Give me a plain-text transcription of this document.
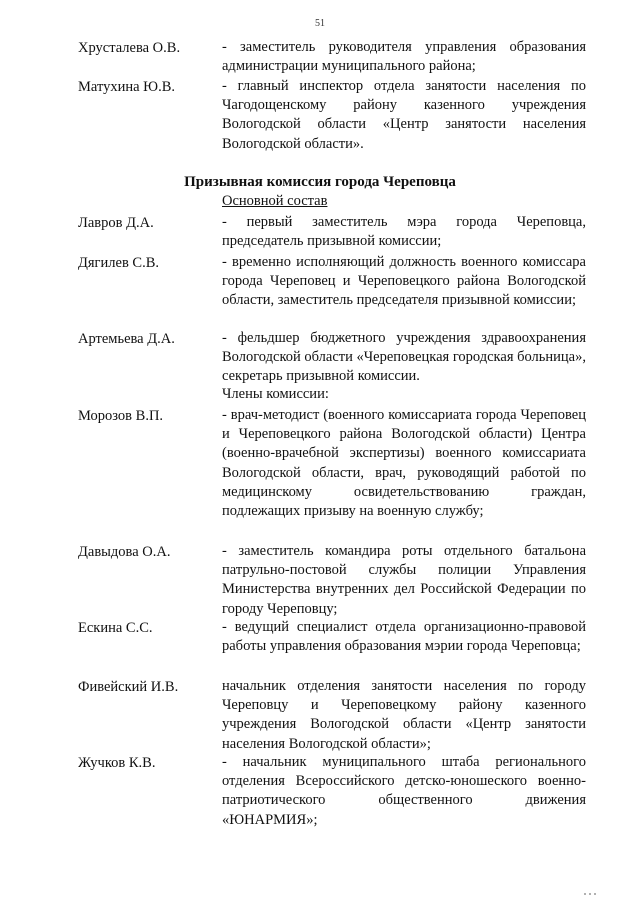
51
Хрусталева О.В.	- заместитель руководителя управления образования администрации муниципального района;
Матухина Ю.В.	- главный инспектор отдела занятости населения по Чагодощенскому району казенного учреждения Вологодской области «Центр занятости населения Вологодской области».
Призывная комиссия города Череповца
Основной состав
Лавров Д.А.	- первый заместитель мэра города Череповца, председатель призывной комиссии;
Дягилев С.В.	- временно исполняющий должность военного комиссара города Череповец и Череповецкого района Вологодской области, заместитель председателя призывной комиссии;
Артемьева Д.А.	- фельдшер бюджетного учреждения здравоохранения Вологодской области «Череповецкая городская больница», секретарь призывной комиссии.
Члены комиссии:
Морозов В.П.	- врач-методист (военного комиссариата города Череповец и Череповецкого района Вологодской области) Центра (военно-врачебной экспертизы) военного комиссариата Вологодской области, врач, руководящий работой по медицинскому освидетельствованию граждан, подлежащих призыву на военную службу;
Давыдова О.А.	- заместитель командира роты отдельного батальона патрульно-постовой службы полиции Управления Министерства внутренних дел Российской Федерации по городу Череповцу;
Ескина С.С.	- ведущий специалист отдела организационно-правовой работы управления образования мэрии города Череповца;
Фивейский И.В.	начальник отделения занятости населения по городу Череповцу и Череповецкому району казенного учреждения Вологодской области «Центр занятости населения Вологодской области»;
Жучков К.В.	- начальник муниципального штаба регионального отделения Всероссийского детско-юношеского военно-патриотического общественного движения «ЮНАРМИЯ»;
